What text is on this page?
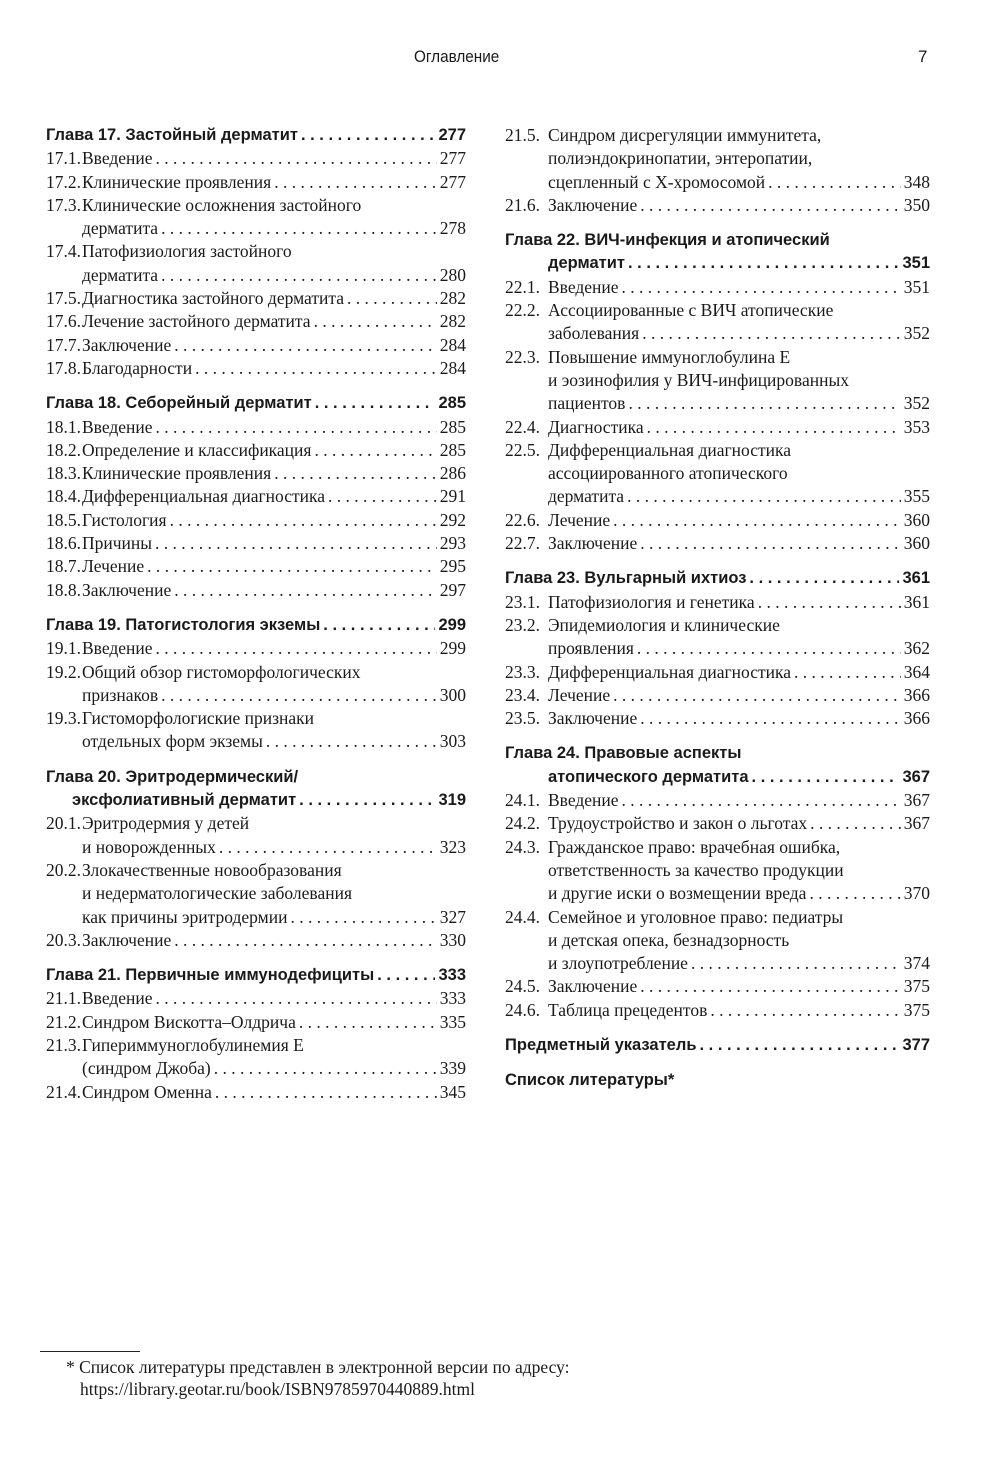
Оглавление	7
Глава 17. Застойный дерматит . . .	277
17.1. Введение . . .	277
17.2. Клинические проявления . . .	277
17.3. Клинические осложнения застойного
дерматита . . .	278
17.4. Патофизиология застойного
дерматита . . .	280
17.5. Диагностика застойного дерматита . . .	282
17.6. Лечение застойного дерматита . . .	282
17.7. Заключение . . .	284
17.8. Благодарности . . .	284
Глава 18. Себорейный дерматит . . .	285
18.1. Введение . . .	285
18.2. Определение и классификация . . .	285
18.3. Клинические проявления . . .	286
18.4. Дифференциальная диагностика . . .	291
18.5. Гистология . . .	292
18.6. Причины . . .	293
18.7. Лечение . . .	295
18.8. Заключение . . .	297
Глава 19. Патогистология экземы . . .	299
19.1. Введение . . .	299
19.2. Общий обзор гистоморфологических
признаков . . .	300
19.3. Гистоморфологиские признаки
отдельных форм экземы . . .	303
Глава 20. Эритродермический/
эксфолиативный дерматит . . .	319
20.1. Эритродермия у детей
и новорожденных . . .	323
20.2. Злокачественные новообразования
и недерматологические заболевания
как причины эритродермии . . .	327
20.3. Заключение . . .	330
Глава 21. Первичные иммунодефициты . . .	333
21.1. Введение . . .	333
21.2. Синдром Вискотта–Олдрича . . .	335
21.3. Гипериммуноглобулинемия Е
(синдром Джоба) . . .	339
21.4. Синдром Оменна . . .	345
21.5. Синдром дисрегуляции иммунитета,
полиэндокринопатии, энтеропатии,
сцепленный с Х-хромосомой . . .	348
21.6. Заключение . . .	350
Глава 22. ВИЧ-инфекция и атопический
дерматит . . .	351
22.1. Введение . . .	351
22.2. Ассоциированные с ВИЧ атопические
заболевания . . .	352
22.3. Повышение иммуноглобулина Е
и эозинофилия у ВИЧ-инфицированных
пациентов . . .	352
22.4. Диагностика . . .	353
22.5. Дифференциальная диагностика
ассоциированного атопического
дерматита . . .	355
22.6. Лечение . . .	360
22.7. Заключение . . .	360
Глава 23. Вульгарный ихтиоз . . .	361
23.1. Патофизиология и генетика . . .	361
23.2. Эпидемиология и клинические
проявления . . .	362
23.3. Дифференциальная диагностика . . .	364
23.4. Лечение . . .	366
23.5. Заключение . . .	366
Глава 24. Правовые аспекты
атопического дерматита . . .	367
24.1. Введение . . .	367
24.2. Трудоустройство и закон о льготах . . .	367
24.3. Гражданское право: врачебная ошибка,
ответственность за качество продукции
и другие иски о возмещении вреда . . .	370
24.4. Семейное и уголовное право: педиатры
и детская опека, безнадзорность
и злоупотребление . . .	374
24.5. Заключение . . .	375
24.6. Таблица прецедентов . . .	375
Предметный указатель . . .	377
Список литературы*
* Список литературы представлен в электронной версии по адресу:
https://library.geotar.ru/book/ISBN9785970440889.html
